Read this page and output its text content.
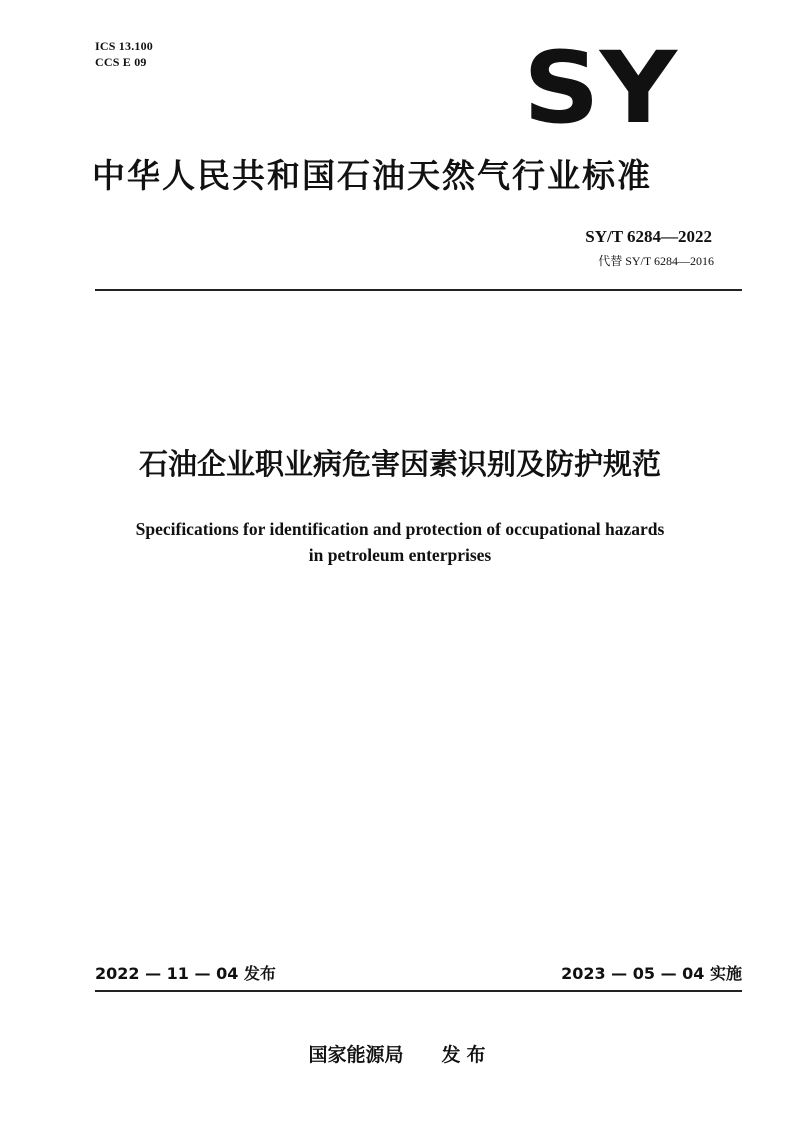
ICS 13.100
CCS E 09	SY
中华人民共和国石油天然气行业标准
SY/T 6284—2022
代替 SY/T 6284—2016
石油企业职业病危害因素识别及防护规范
Specifications for identification and protection of occupational hazards
in petroleum enterprises
2022 — 11 — 04 发布	2023 — 05 — 04 实施
国家能源局 发布
